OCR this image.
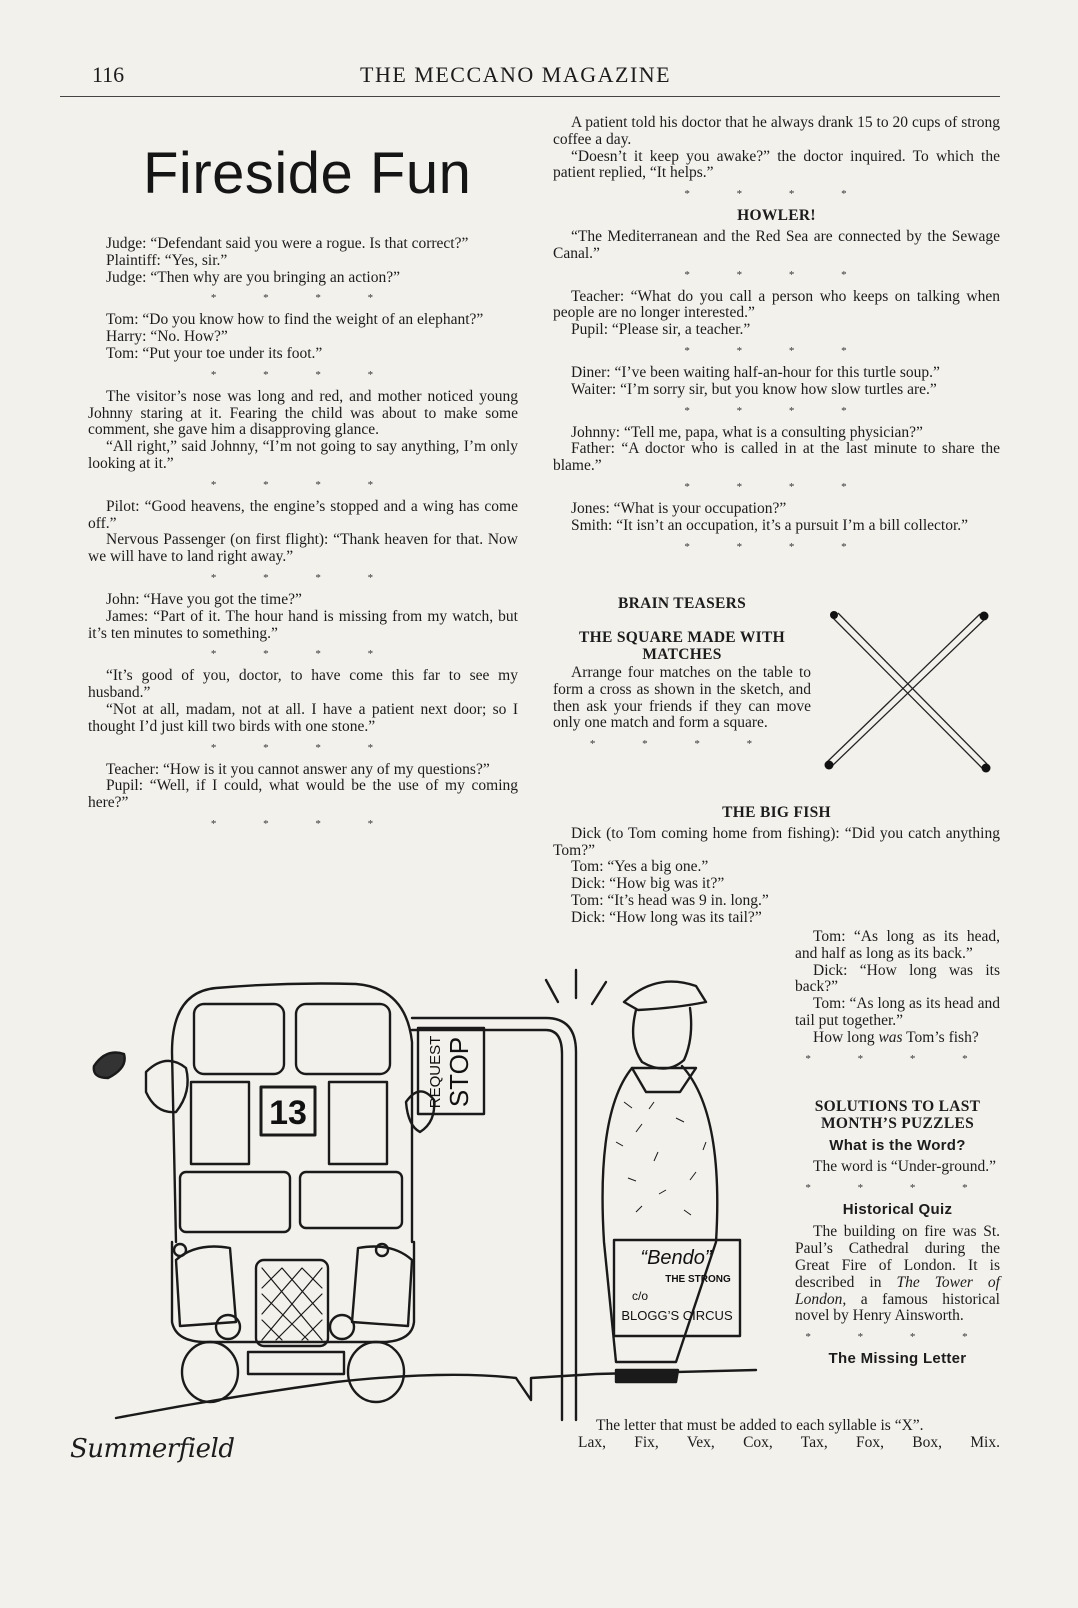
116	THE MECCANO MAGAZINE
Fireside Fun

Judge: “Defendant said you were a rogue. Is that correct?”

Plaintiff: “Yes, sir.”

Judge: “Then why are you bringing an action?”

* * * *

Tom: “Do you know how to find the weight of an elephant?”

Harry: “No. How?”

Tom: “Put your toe under its foot.”

* * * *

The visitor’s nose was long and red, and mother noticed young Johnny staring at it. Fearing the child was about to make some comment, she gave him a disapproving glance.

“All right,” said Johnny, “I’m not going to say anything, I’m only looking at it.”

* * * *

Pilot: “Good heavens, the engine’s stopped and a wing has come off.”

Nervous Passenger (on first flight): “Thank heaven for that. Now we will have to land right away.”

* * * *

John: “Have you got the time?”

James: “Part of it. The hour hand is missing from my watch, but it’s ten minutes to something.”

* * * *

“It’s good of you, doctor, to have come this far to see my husband.”

“Not at all, madam, not at all. I have a patient next door; so I thought I’d just kill two birds with one stone.”

* * * *

Teacher: “How is it you cannot answer any of my questions?”

Pupil: “Well, if I could, what would be the use of my coming here?”

* * * *

A patient told his doctor that he always drank 15 to 20 cups of strong coffee a day.

“Doesn’t it keep you awake?” the doctor inquired. To which the patient replied, “It helps.”

* * * *
HOWLER!

“The Mediterranean and the Red Sea are connected by the Sewage Canal.”

* * * *

Teacher: “What do you call a person who keeps on talking when people are no longer interested.”

Pupil: “Please sir, a teacher.”

* * * *

Diner: “I’ve been waiting half-an-hour for this turtle soup.”

Waiter: “I’m sorry sir, but you know how slow turtles are.”

* * * *

Johnny: “Tell me, papa, what is a consulting physician?”

Father: “A doctor who is called in at the last minute to share the blame.”

* * * *

Jones: “What is your occupation?”

Smith: “It isn’t an occupation, it’s a pursuit I’m a bill collector.”

* * * *
BRAIN TEASERS
THE SQUARE MADE WITH MATCHES

Arrange four matches on the table to form a cross as shown in the sketch, and then ask your friends if they can move only one match and form a square.

* * * *
THE BIG FISH

Dick (to Tom coming home from fishing): “Did you catch anything Tom?”

Tom: “Yes a big one.”

Dick: “How big was it?”

Tom: “It’s head was 9 in. long.”

Dick: “How long was its tail?”

Tom: “As long as its head, and half as long as its back.”

Dick: “How long was its back?”

Tom: “As long as its head and tail put together.”

How long was Tom’s fish?

* * * *
SOLUTIONS TO LAST MONTH’S PUZZLES
What is the Word?

The word is “Under-ground.”

* * * *
Historical Quiz

The building on fire was St. Paul’s Cathedral during the Great Fire of London. It is described in The Tower of London, a famous historical novel by Henry Ainsworth.

* * * *
The Missing Letter

The letter that must be added to each syllable is “X”.

Lax, Fix, Vex, Cox, Tax, Fox, Box, Mix.

13
REQUEST STOP
“Bendo”
THE STRONG
c/o
BLOGG’S CIRCUS
Summerfield
